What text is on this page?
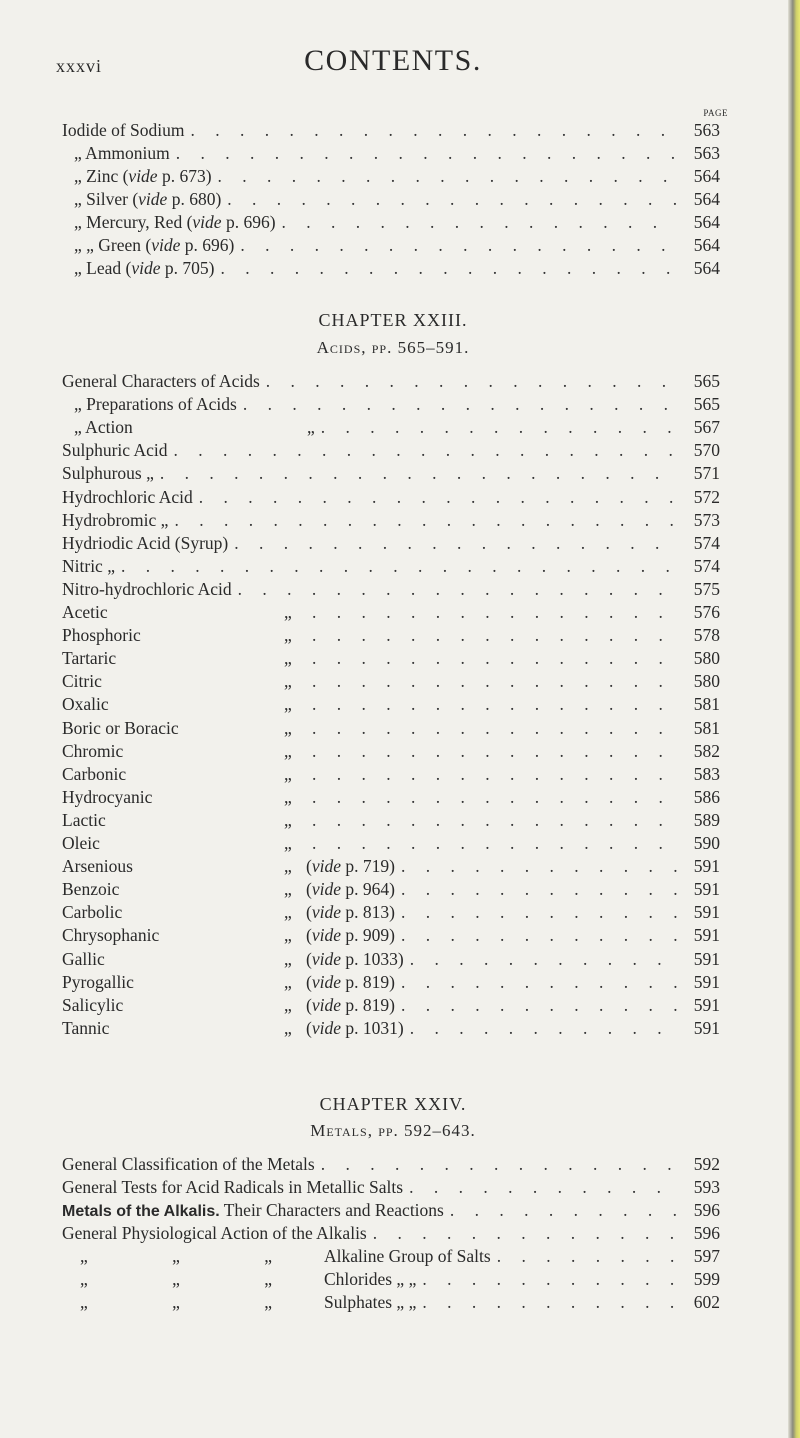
xxxvi	CONTENTS.
PAGE
Iodide of Sodium . . .	563
„ Ammonium . . .	563
„ Zinc (vide p. 673) . . .	564
„ Silver (vide p. 680) . . .	564
„ Mercury, Red (vide p. 696) . . .	564
„ „ Green (vide p. 696) . . .	564
„ Lead (vide p. 705) . . .	564
CHAPTER XXIII.
Acids, pp. 565–591.
General Characters of Acids . . .	565
„ Preparations of Acids . . .	565
„ Action	„ . . .	567
Sulphuric Acid . . .	570
Sulphurous „ . . .	571
Hydrochloric Acid . . .	572
Hydrobromic „ . . .	573
Hydriodic Acid (Syrup) . . .	574
Nitric „ . . .	574
Nitro-hydrochloric Acid . . .	575
Acetic	„ . . .	576
Phosphoric	„ . . .	578
Tartaric	„ . . .	580
Citric	„ . . .	580
Oxalic	„ . . .	581
Boric or Boracic	„ . . .	581
Chromic	„ . . .	582
Carbonic	„ . . .	583
Hydrocyanic	„ . . .	586
Lactic	„ . . .	589
Oleic	„ . . .	590
Arsenious	„ (vide p. 719) . . .	591
Benzoic	„ (vide p. 964) . . .	591
Carbolic	„ (vide p. 813) . . .	591
Chrysophanic	„ (vide p. 909) . . .	591
Gallic	„ (vide p. 1033) . . .	591
Pyrogallic	„ (vide p. 819) . . .	591
Salicylic	„ (vide p. 819) . . .	591
Tannic	„ (vide p. 1031) . . .	591
CHAPTER XXIV.
Metals, pp. 592–643.
General Classification of the Metals . . .	592
General Tests for Acid Radicals in Metallic Salts . . .	593
Metals of the Alkalis. Their Characters and Reactions . . .	596
General Physiological Action of the Alkalis . . .	596
„ „ „ Alkaline Group of Salts . . .	597
„ „ „ Chlorides „ „ . . .	599
„ „ „ Sulphates „ „ . . .	602
